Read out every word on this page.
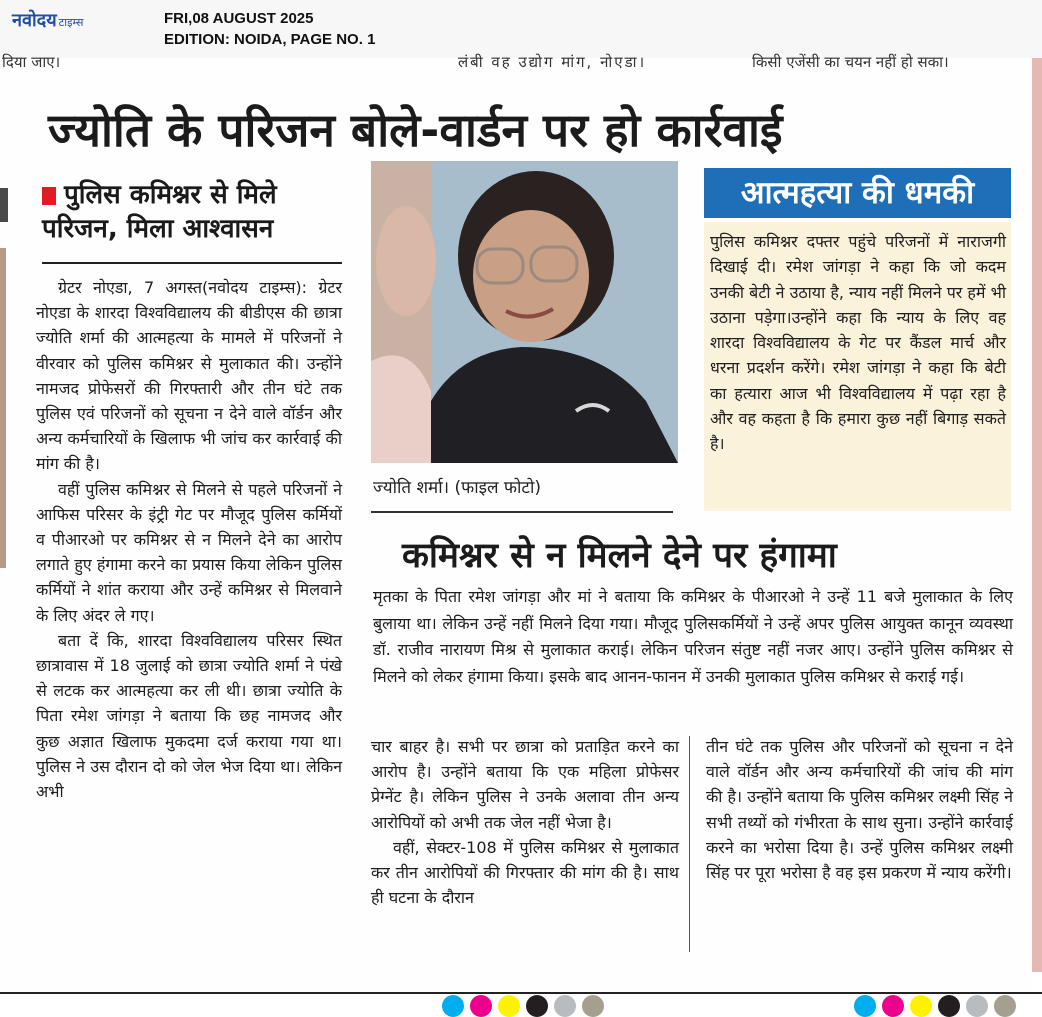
नवोदय टाइम्स	FRI,08 AUGUST 2025
EDITION: NOIDA, PAGE NO. 1
दिया जाए।	लंबी वह उद्योग मांग, नोएडा।	किसी एजेंसी का चयन नहीं हो सका।
ज्योति के परिजन बोले-वार्डन पर हो कार्रवाई
पुलिस कमिश्नर से मिले परिजन, मिला आश्वासन

ग्रेटर नोएडा, 7 अगस्त(नवोदय टाइम्स): ग्रेटर नोएडा के शारदा विश्वविद्यालय की बीडीएस की छात्रा ज्योति शर्मा की आत्महत्या के मामले में परिजनों ने वीरवार को पुलिस कमिश्नर से मुलाकात की। उन्होंने नामजद प्रोफेसरों की गिरफ्तारी और तीन घंटे तक पुलिस एवं परिजनों को सूचना न देने वाले वॉर्डन और अन्य कर्मचारियों के खिलाफ भी जांच कर कार्रवाई की मांग की है।

वहीं पुलिस कमिश्नर से मिलने से पहले परिजनों ने आफिस परिसर के इंट्री गेट पर मौजूद पुलिस कर्मियों व पीआरओ पर कमिश्नर से न मिलने देने का आरोप लगाते हुए हंगामा करने का प्रयास किया लेकिन पुलिस कर्मियों ने शांत कराया और उन्हें कमिश्नर से मिलवाने के लिए अंदर ले गए।

बता दें कि, शारदा विश्वविद्यालय परिसर स्थित छात्रावास में 18 जुलाई को छात्रा ज्योति शर्मा ने पंखे से लटक कर आत्महत्या कर ली थी। छात्रा ज्योति के पिता रमेश जांगड़ा ने बताया कि छह नामजद और कुछ अज्ञात खिलाफ मुकदमा दर्ज कराया गया था। पुलिस ने उस दौरान दो को जेल भेज दिया था। लेकिन अभी

ज्योति शर्मा। (फाइल फोटो)
आत्महत्या की धमकी
पुलिस कमिश्नर दफ्तर पहुंचे परिजनों में नाराजगी दिखाई दी। रमेश जांगड़ा ने कहा कि जो कदम उनकी बेटी ने उठाया है, न्याय नहीं मिलने पर हमें भी उठाना पड़ेगा।उन्होंने कहा कि न्याय के लिए वह शारदा विश्वविद्यालय के गेट पर कैंडल मार्च और धरना प्रदर्शन करेंगे। रमेश जांगड़ा ने कहा कि बेटी का हत्यारा आज भी विश्वविद्यालय में पढ़ा रहा है और वह कहता है कि हमारा कुछ नहीं बिगाड़ सकते है।
कमिश्नर से न मिलने देने पर हंगामा
मृतका के पिता रमेश जांगड़ा और मां ने बताया कि कमिश्नर के पीआरओ ने उन्हें 11 बजे मुलाकात के लिए बुलाया था। लेकिन उन्हें नहीं मिलने दिया गया। मौजूद पुलिसकर्मियों ने उन्हें अपर पुलिस आयुक्त कानून व्यवस्था डॉ. राजीव नारायण मिश्र से मुलाकात कराई। लेकिन परिजन संतुष्ट नहीं नजर आए। उन्होंने पुलिस कमिश्नर से मिलने को लेकर हंगामा किया। इसके बाद आनन-फानन में उनकी मुलाकात पुलिस कमिश्नर से कराई गई।

चार बाहर है। सभी पर छात्रा को प्रताड़ित करने का आरोप है। उन्होंने बताया कि एक महिला प्रोफेसर प्रेग्नेंट है। लेकिन पुलिस ने उनके अलावा तीन अन्य आरोपियों को अभी तक जेल नहीं भेजा है।

वहीं, सेक्टर-108 में पुलिस कमिश्नर से मुलाकात कर तीन आरोपियों की गिरफ्तार की मांग की है। साथ ही घटना के दौरान

तीन घंटे तक पुलिस और परिजनों को सूचना न देने वाले वॉर्डन और अन्य कर्मचारियों की जांच की मांग की है। उन्होंने बताया कि पुलिस कमिश्नर लक्ष्मी सिंह ने सभी तथ्यों को गंभीरता के साथ सुना। उन्होंने कार्रवाई करने का भरोसा दिया है। उन्हें पुलिस कमिश्नर लक्ष्मी सिंह पर पूरा भरोसा है वह इस प्रकरण में न्याय करेंगी।
